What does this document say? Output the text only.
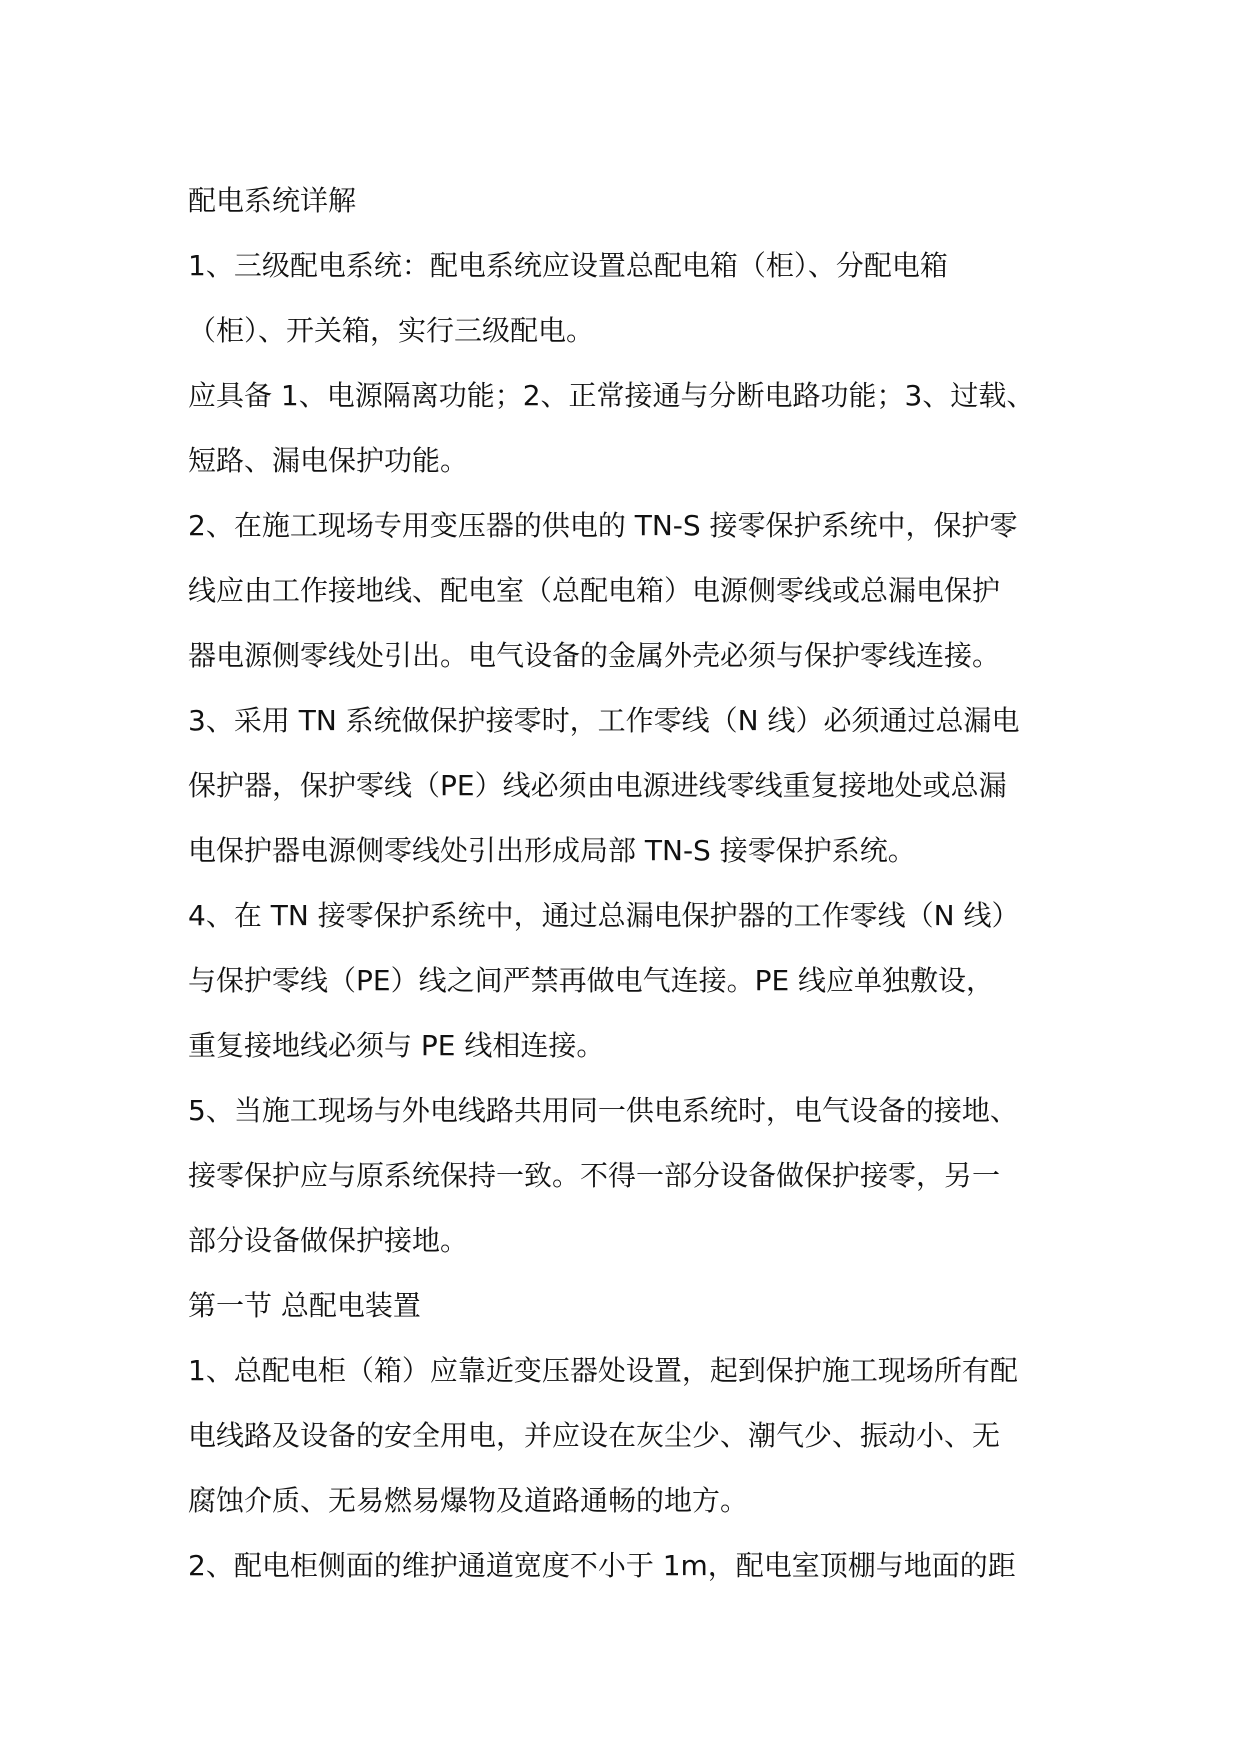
配电系统详解
1、三级配电系统：配电系统应设置总配电箱（柜）、分配电箱
（柜）、开关箱，实行三级配电。
应具备 1、电源隔离功能；2、正常接通与分断电路功能；3、过载、
短路、漏电保护功能。
2、在施工现场专用变压器的供电的 TN-S 接零保护系统中，保护零
线应由工作接地线、配电室（总配电箱）电源侧零线或总漏电保护
器电源侧零线处引出。电气设备的金属外壳必须与保护零线连接。
3、采用 TN 系统做保护接零时，工作零线（N 线）必须通过总漏电
保护器，保护零线（PE）线必须由电源进线零线重复接地处或总漏
电保护器电源侧零线处引出形成局部 TN-S 接零保护系统。
4、在 TN 接零保护系统中，通过总漏电保护器的工作零线（N 线）
与保护零线（PE）线之间严禁再做电气连接。PE 线应单独敷设，
重复接地线必须与 PE 线相连接。
5、当施工现场与外电线路共用同一供电系统时，电气设备的接地、
接零保护应与原系统保持一致。不得一部分设备做保护接零，另一
部分设备做保护接地。
第一节 总配电装置
1、总配电柜（箱）应靠近变压器处设置，起到保护施工现场所有配
电线路及设备的安全用电，并应设在灰尘少、潮气少、振动小、无
腐蚀介质、无易燃易爆物及道路通畅的地方。
2、配电柜侧面的维护通道宽度不小于 1m，配电室顶棚与地面的距
